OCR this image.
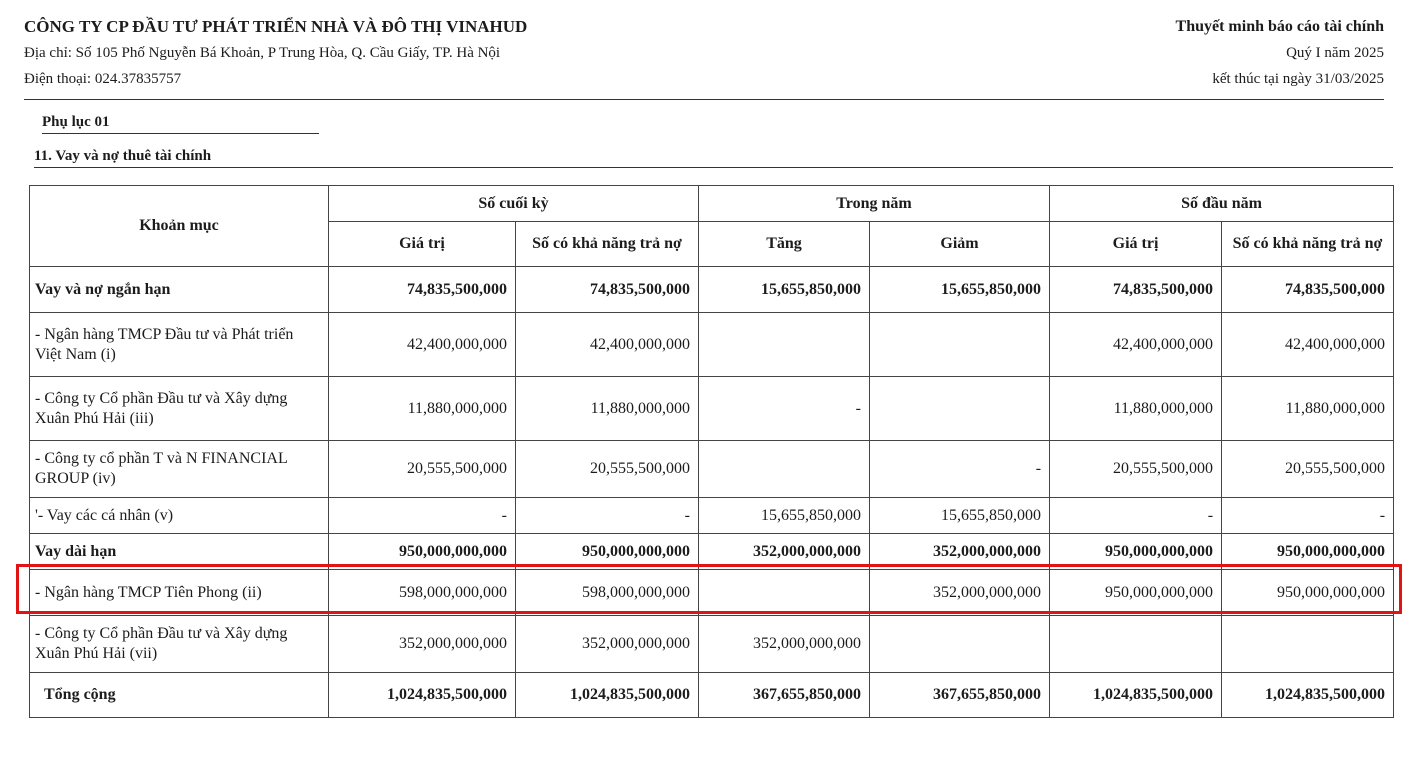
CÔNG TY CP ĐẦU TƯ PHÁT TRIỂN NHÀ VÀ ĐÔ THỊ VINAHUD
Địa chỉ: Số 105 Phố Nguyễn Bá Khoản, P Trung Hòa, Q. Cầu Giấy, TP. Hà Nội
Điện thoại: 024.37835757
Thuyết minh báo cáo tài chính
Quý I năm 2025
kết thúc tại ngày 31/03/2025
Phụ lục 01
11. Vay và nợ thuê tài chính
Khoản mục	Số cuối kỳ		Trong năm		Số đầu năm	
	Giá trị	Số có khả năng trả nợ	Tăng	Giảm	Giá trị	Số có khả năng trả nợ
Vay và nợ ngắn hạn	74,835,500,000	74,835,500,000	15,655,850,000	15,655,850,000	74,835,500,000	74,835,500,000
- Ngân hàng TMCP Đầu tư và Phát triển Việt Nam (i)	42,400,000,000	42,400,000,000			42,400,000,000	42,400,000,000
- Công ty Cổ phần Đầu tư và Xây dựng Xuân Phú Hải (iii)	11,880,000,000	11,880,000,000	-		11,880,000,000	11,880,000,000
- Công ty cổ phần T và N FINANCIAL GROUP (iv)	20,555,500,000	20,555,500,000		-	20,555,500,000	20,555,500,000
'- Vay các cá nhân (v)	-	-	15,655,850,000	15,655,850,000	-	-
Vay dài hạn	950,000,000,000	950,000,000,000	352,000,000,000	352,000,000,000	950,000,000,000	950,000,000,000
- Ngân hàng TMCP Tiên Phong (ii)	598,000,000,000	598,000,000,000		352,000,000,000	950,000,000,000	950,000,000,000
- Công ty Cổ phần Đầu tư và Xây dựng Xuân Phú Hải (vii)	352,000,000,000	352,000,000,000	352,000,000,000			
Tổng cộng	1,024,835,500,000	1,024,835,500,000	367,655,850,000	367,655,850,000	1,024,835,500,000	1,024,835,500,000
